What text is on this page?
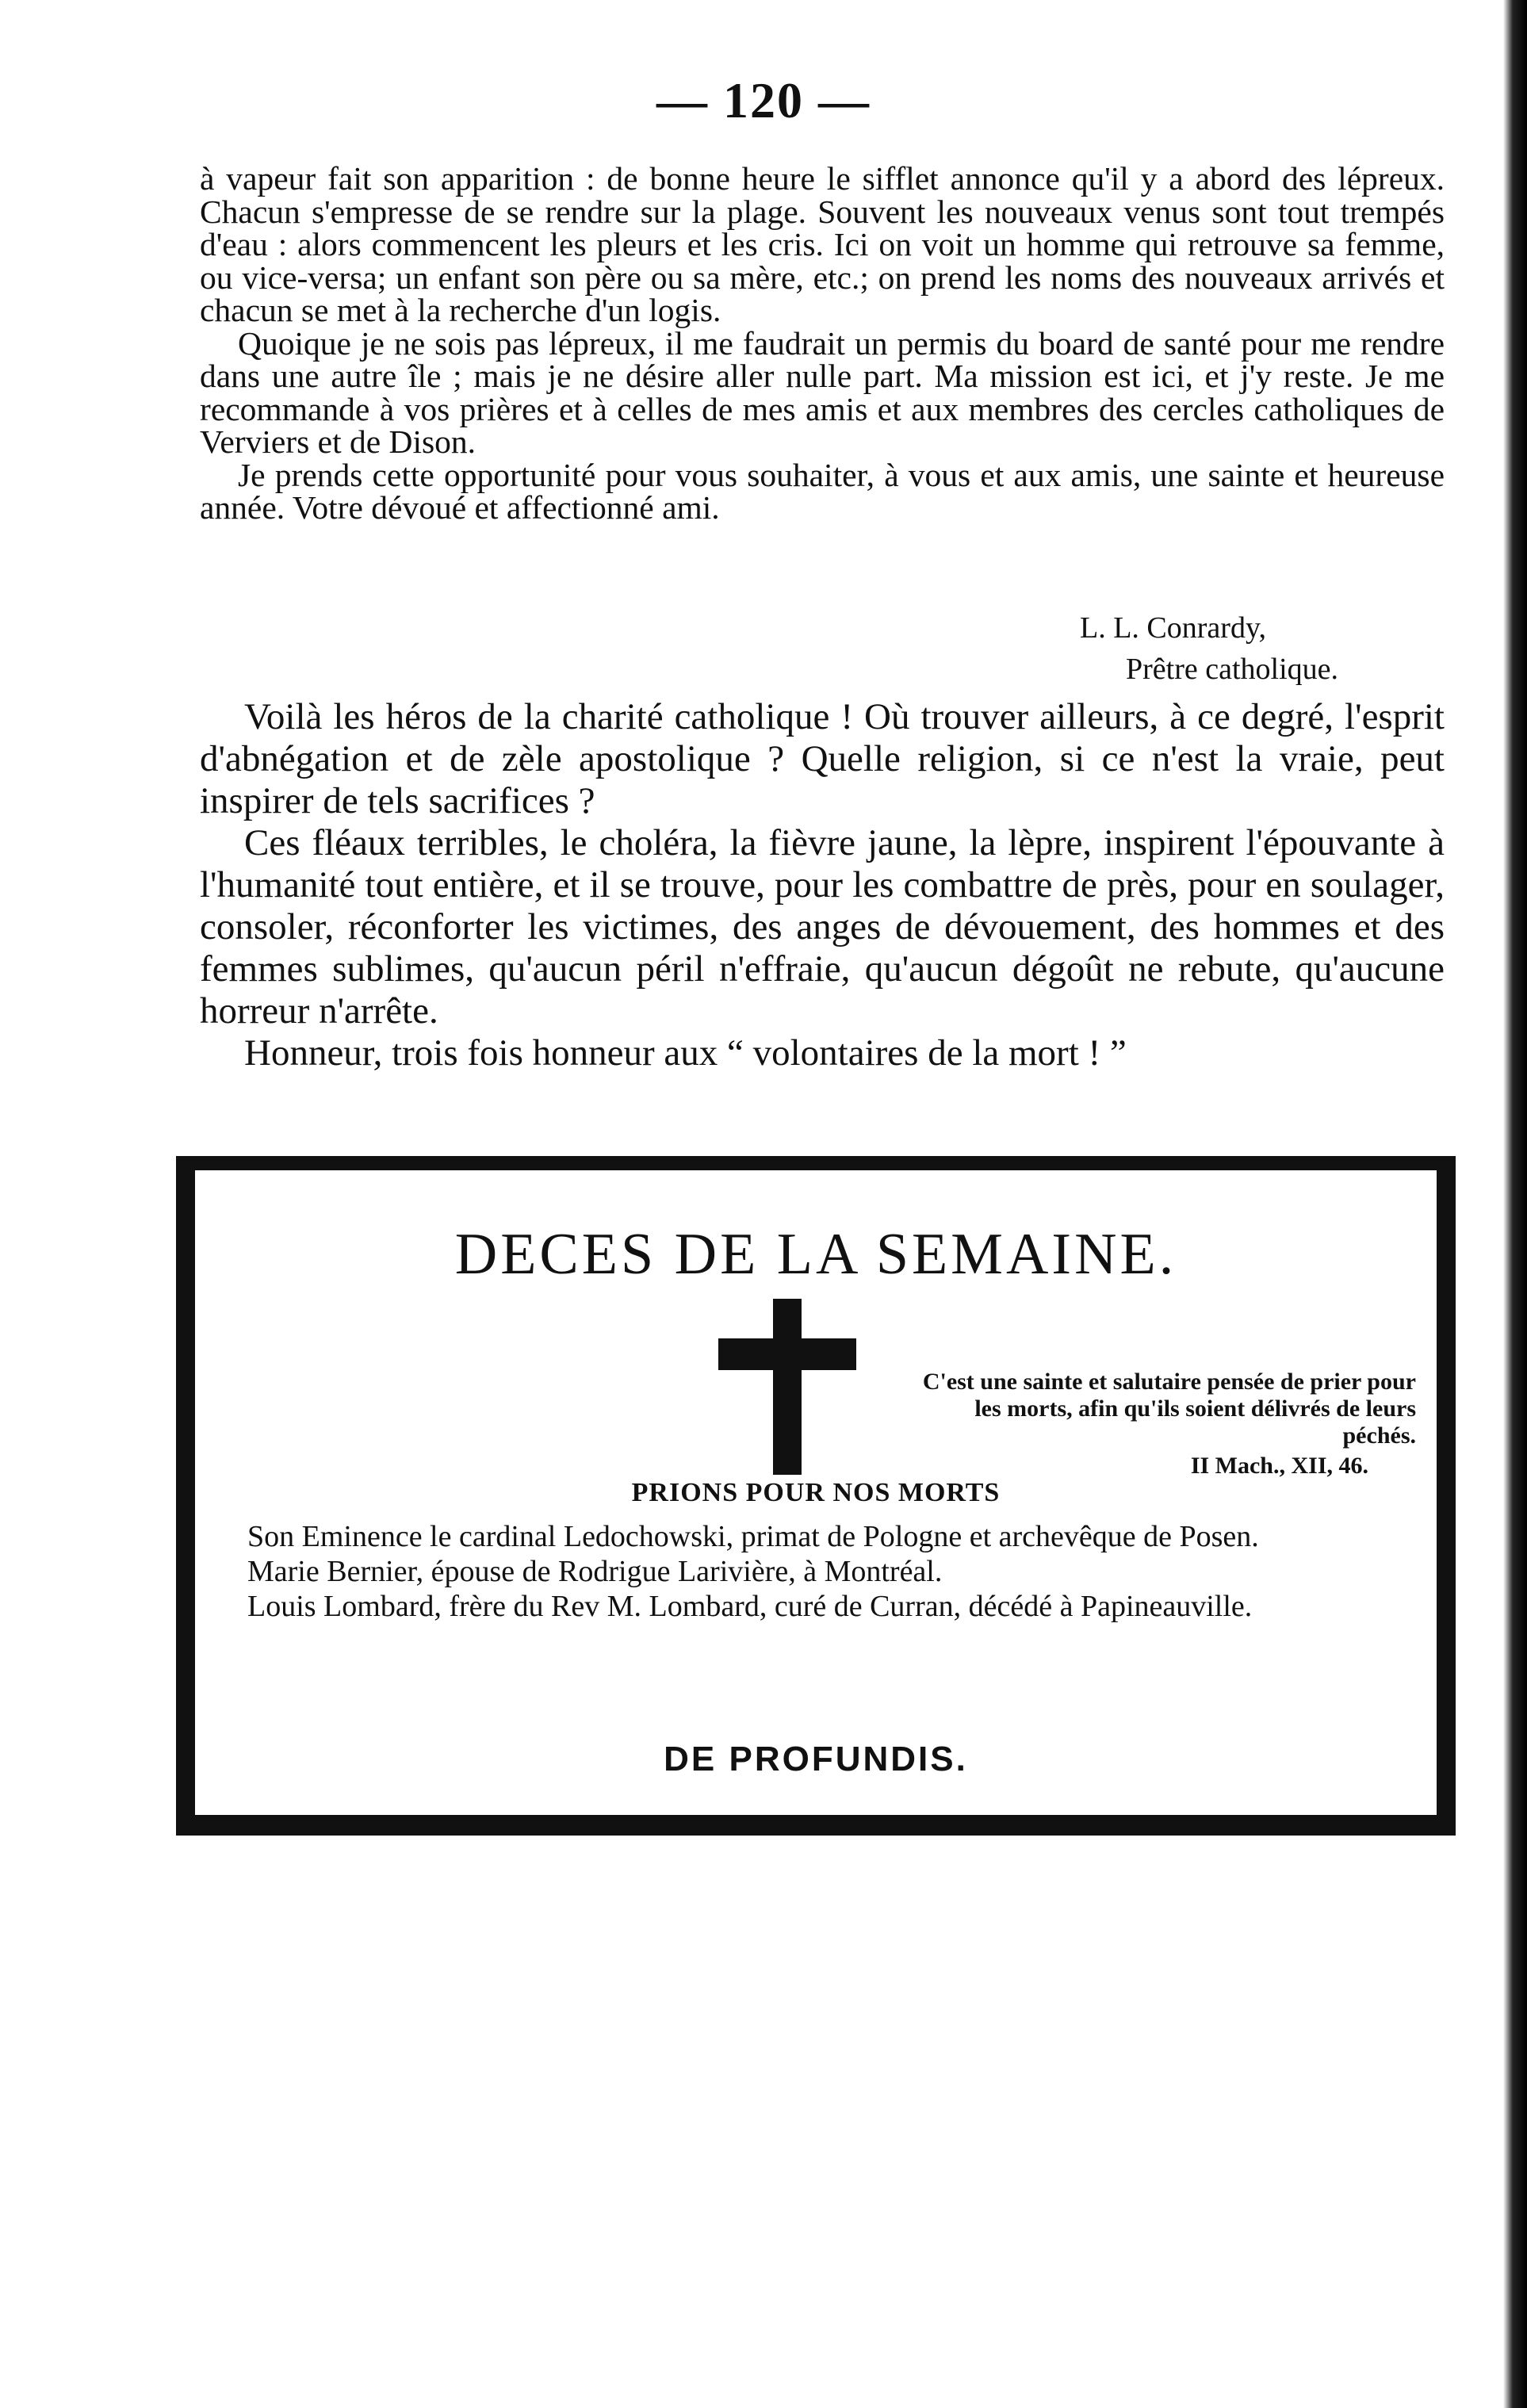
— 120 —

à vapeur fait son apparition : de bonne heure le sifflet annonce qu'il y a abord des lépreux. Chacun s'empresse de se rendre sur la plage. Souvent les nouveaux venus sont tout trempés d'eau : alors commencent les pleurs et les cris. Ici on voit un homme qui retrouve sa femme, ou vice-versa; un enfant son père ou sa mère, etc.; on prend les noms des nouveaux arrivés et chacun se met à la recherche d'un logis.

Quoique je ne sois pas lépreux, il me faudrait un permis du board de santé pour me rendre dans une autre île ; mais je ne désire aller nulle part. Ma mission est ici, et j'y reste. Je me recommande à vos prières et à celles de mes amis et aux membres des cercles catholiques de Verviers et de Dison.

Je prends cette opportunité pour vous souhaiter, à vous et aux amis, une sainte et heureuse année. Votre dévoué et affectionné ami.

L. L. Conrardy,
Prêtre catholique.

Voilà les héros de la charité catholique ! Où trouver ailleurs, à ce degré, l'esprit d'abnégation et de zèle apostolique ? Quelle religion, si ce n'est la vraie, peut inspirer de tels sacrifices ?

Ces fléaux terribles, le choléra, la fièvre jaune, la lèpre, inspirent l'épouvante à l'humanité tout entière, et il se trouve, pour les combattre de près, pour en soulager, consoler, réconforter les victimes, des anges de dévouement, des hommes et des femmes sublimes, qu'aucun péril n'effraie, qu'aucun dégoût ne rebute, qu'aucune horreur n'arrête.

Honneur, trois fois honneur aux “ volontaires de la mort ! ”

DECES DE LA SEMAINE.
C'est une sainte et salutaire pensée de prier pour les morts, afin qu'ils soient délivrés de leurs péchés.
II Mach., XII, 46.
PRIONS POUR NOS MORTS

Son Eminence le cardinal Ledochowski, primat de Pologne et archevêque de Posen.

Marie Bernier, épouse de Rodrigue Larivière, à Montréal.

Louis Lombard, frère du Rev M. Lombard, curé de Curran, décédé à Papineauville.

DE PROFUNDIS.
